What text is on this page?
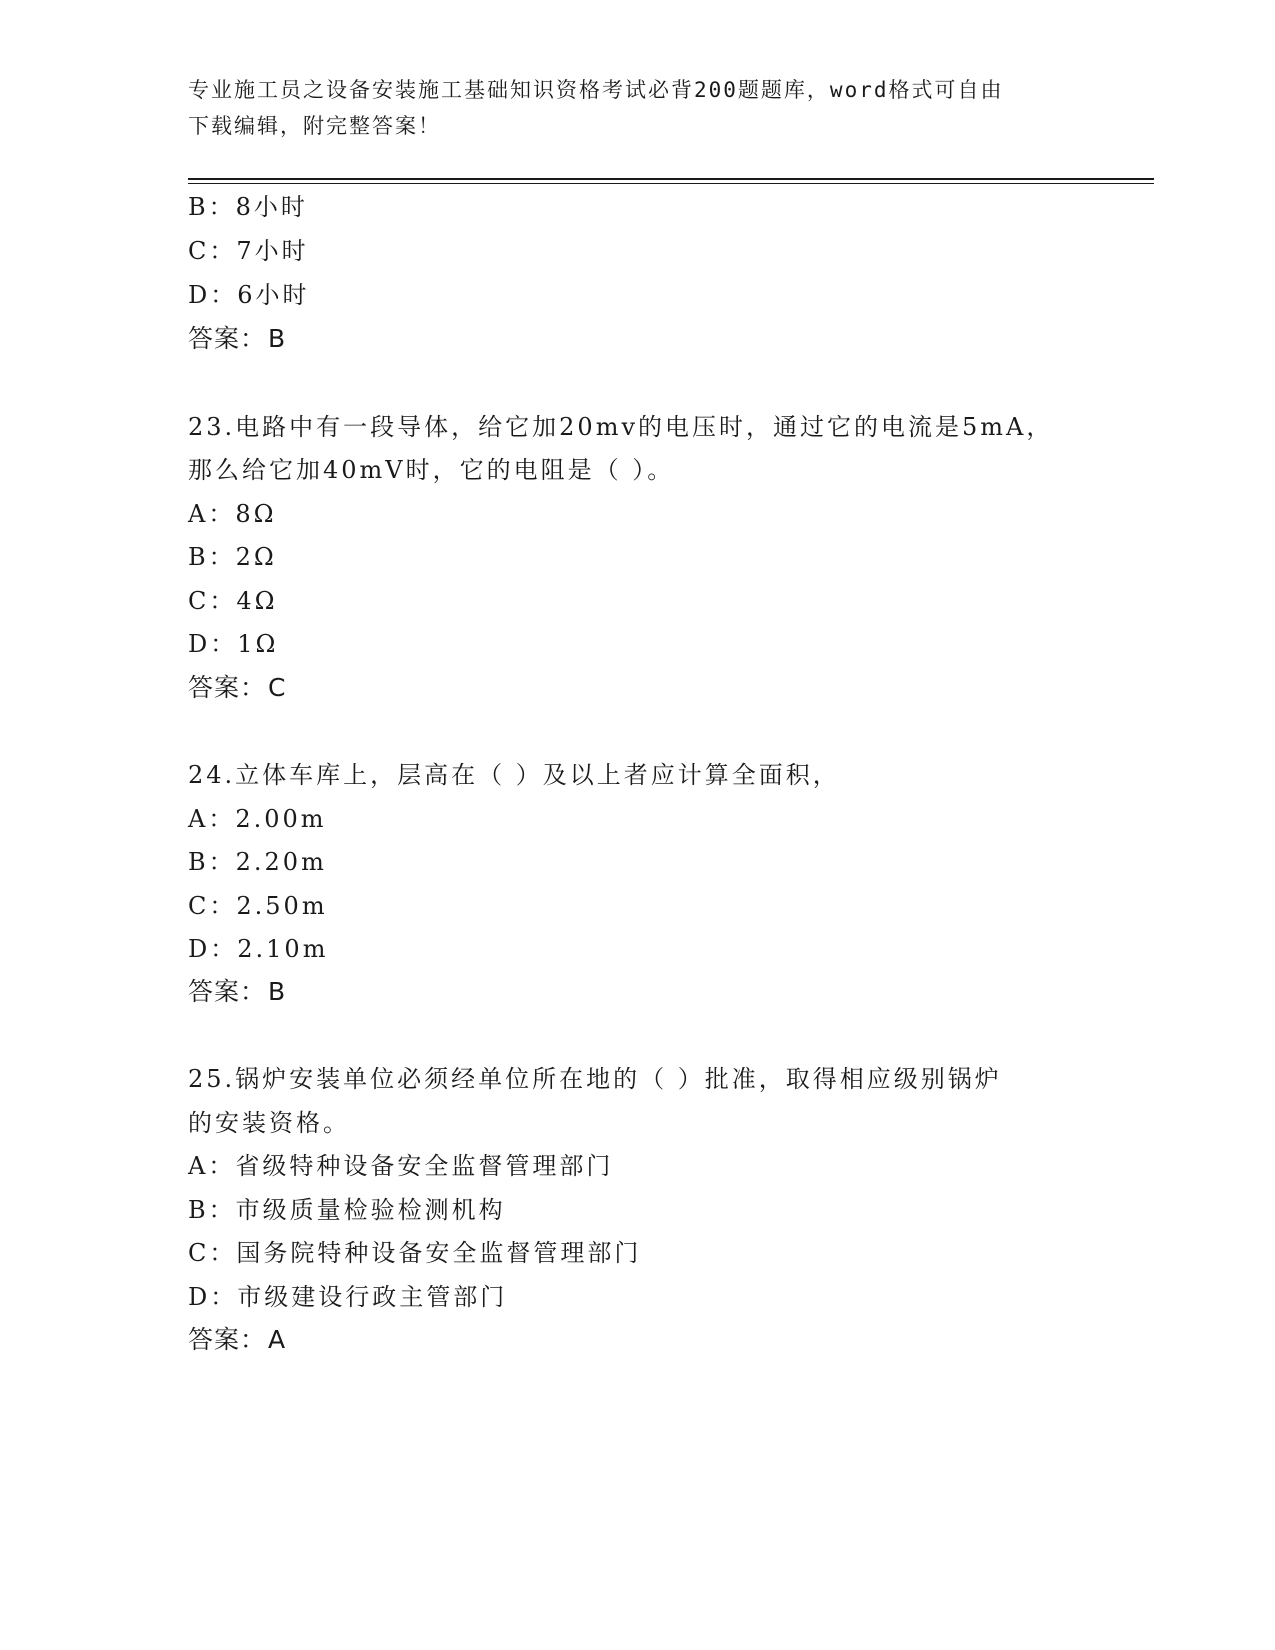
专业施工员之设备安装施工基础知识资格考试必背200题题库，word格式可自由
下载编辑，附完整答案！
B：8小时
C：7小时
D：6小时
答案：B
23.电路中有一段导体，给它加20mv的电压时，通过它的电流是5mA，
那么给它加40mV时，它的电阻是（ ）。
A：8Ω
B：2Ω
C：4Ω
D：1Ω
答案：C
24.立体车库上，层高在（ ）及以上者应计算全面积，
A：2.00m
B：2.20m
C：2.50m
D：2.10m
答案：B
25.锅炉安装单位必须经单位所在地的（ ）批准，取得相应级别锅炉
的安装资格。
A：省级特种设备安全监督管理部门
B：市级质量检验检测机构
C：国务院特种设备安全监督管理部门
D：市级建设行政主管部门
答案：A
